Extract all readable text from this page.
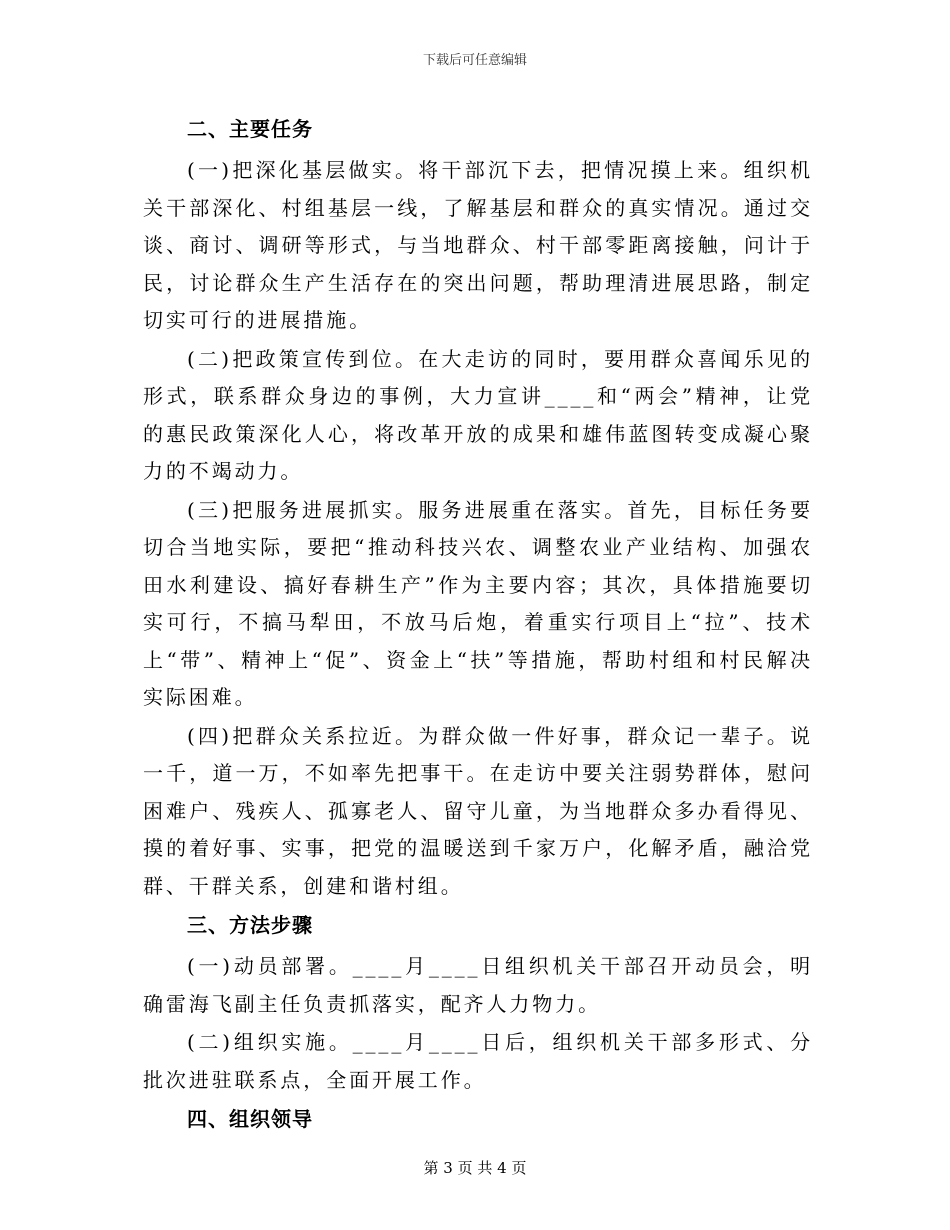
下载后可任意编辑
二、主要任务

(一)把深化基层做实。将干部沉下去，把情况摸上来。组织机关干部深化、村组基层一线，了解基层和群众的真实情况。通过交谈、商讨、调研等形式，与当地群众、村干部零距离接触，问计于民，讨论群众生产生活存在的突出问题，帮助理清进展思路，制定切实可行的进展措施。

(二)把政策宣传到位。在大走访的同时，要用群众喜闻乐见的形式，联系群众身边的事例，大力宣讲____和“两会”精神，让党的惠民政策深化人心，将改革开放的成果和雄伟蓝图转变成凝心聚力的不竭动力。

(三)把服务进展抓实。服务进展重在落实。首先，目标任务要切合当地实际，要把“推动科技兴农、调整农业产业结构、加强农田水利建设、搞好春耕生产”作为主要内容；其次，具体措施要切实可行，不搞马犁田，不放马后炮，着重实行项目上“拉”、技术上“带”、精神上“促”、资金上“扶”等措施，帮助村组和村民解决实际困难。

(四)把群众关系拉近。为群众做一件好事，群众记一辈子。说一千，道一万，不如率先把事干。在走访中要关注弱势群体，慰问困难户、残疾人、孤寡老人、留守儿童，为当地群众多办看得见、摸的着好事、实事，把党的温暖送到千家万户，化解矛盾，融洽党群、干群关系，创建和谐村组。

三、方法步骤

(一)动员部署。____月____日组织机关干部召开动员会，明确雷海飞副主任负责抓落实，配齐人力物力。

(二)组织实施。____月____日后，组织机关干部多形式、分批次进驻联系点，全面开展工作。

四、组织领导
第 3 页 共 4 页
